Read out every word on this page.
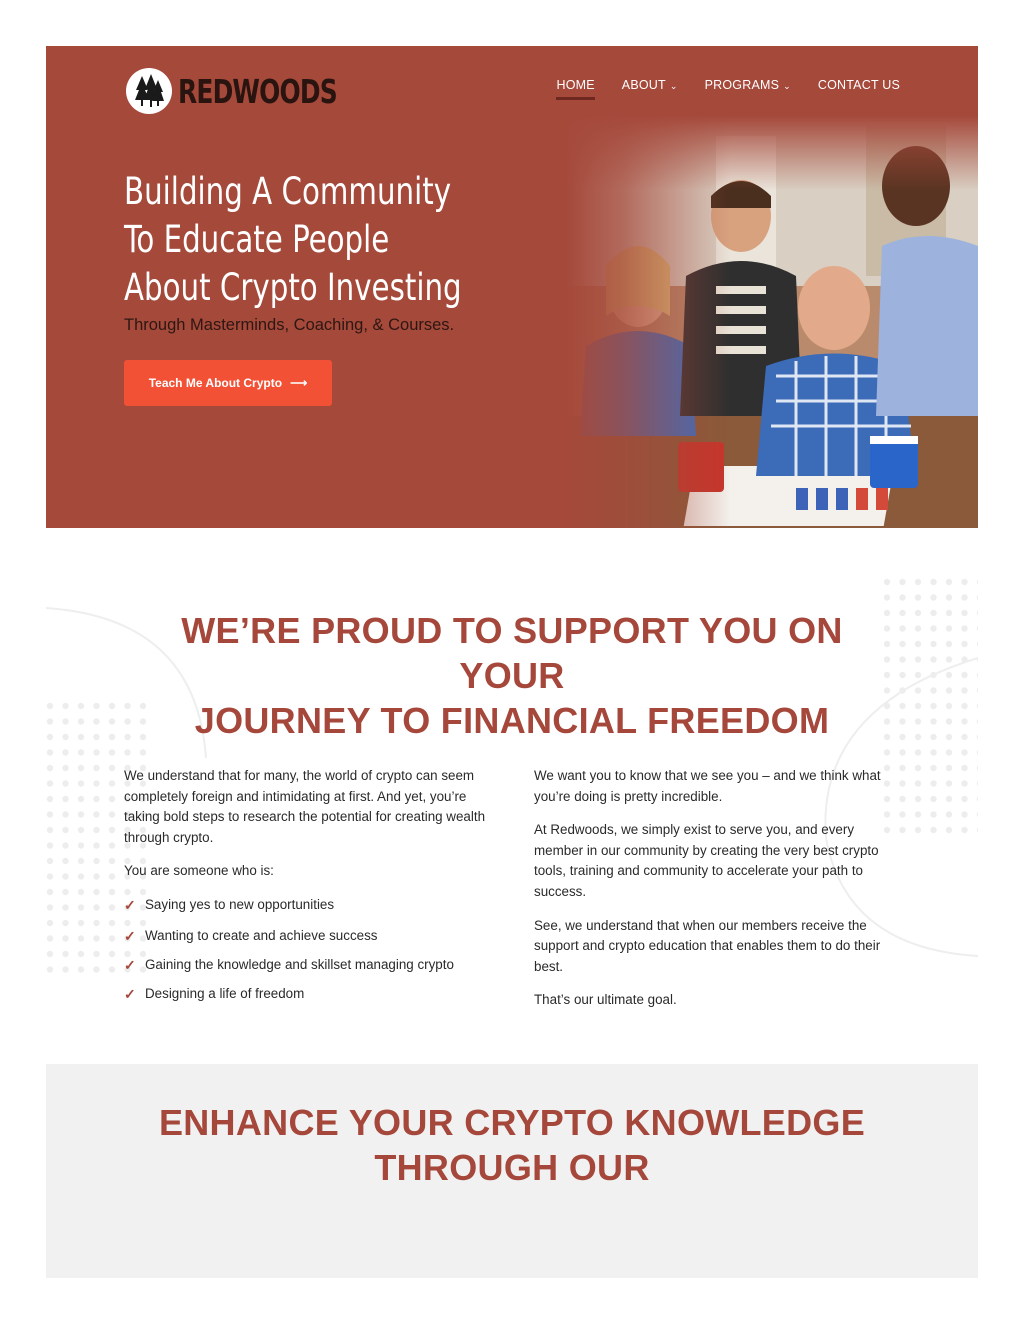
REDWOODS	HOME ABOUT ⌄ PROGRAMS ⌄ CONTACT US
Building A Community
To Educate People
About Crypto Investing

Through Masterminds, Coaching, & Courses.

Teach Me About Crypto ⟶
WE’RE PROUD TO SUPPORT YOU ON
YOUR
JOURNEY TO FINANCIAL FREEDOM

We understand that for many, the world of crypto can seem completely foreign and intimidating at first. And yet, you’re taking bold steps to research the potential for creating wealth through crypto.

You are someone who is:

✓ Saying yes to new opportunities
✓ Wanting to create and achieve success
✓ Gaining the knowledge and skillset managing crypto
✓ Designing a life of freedom

We want you to know that we see you – and we think what you’re doing is pretty incredible.

At Redwoods, we simply exist to serve you, and every member in our community by creating the very best crypto tools, training and community to accelerate your path to success.

See, we understand that when our members receive the support and crypto education that enables them to do their best.

That’s our ultimate goal.

ENHANCE YOUR CRYPTO KNOWLEDGE
THROUGH OUR
